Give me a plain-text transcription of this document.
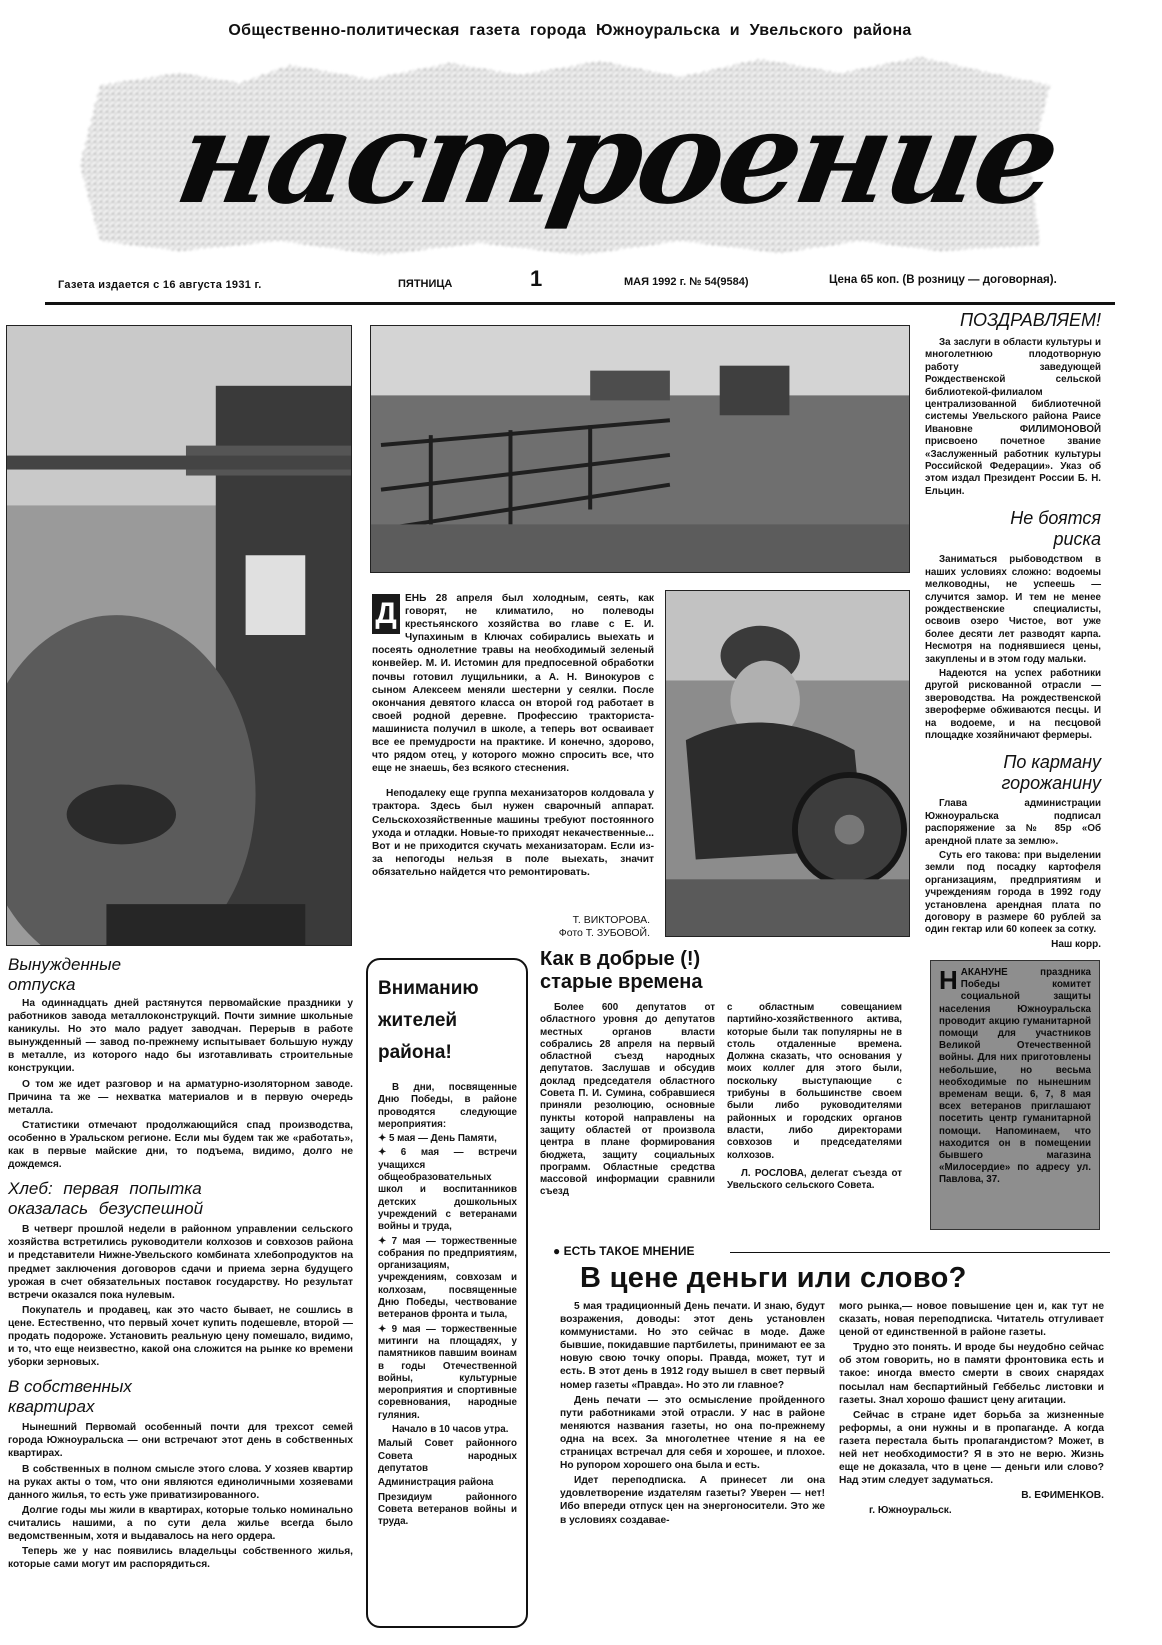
Общественно-политическая газета города Южноуральска и Увельского района
настроение
Газета издается с 16 августа 1931 г.	ПЯТНИЦА	1	МАЯ 1992 г. № 54(9584)	Цена 65 коп. (В розницу — договорная).
Д ЕНЬ 28 апреля был холодным, сеять, как говорят, не климатило, но полеводы крестьянского хозяйства во главе с Е. И. Чупахиным в Ключах собирались выехать и посеять однолетние травы на необходимый зеленый конвейер. М. И. Истомин для предпосевной обработки почвы готовил лущильники, а А. Н. Винокуров с сыном Алексеем меняли шестерни у сеялки. После окончания девятого класса он второй год работает в своей родной деревне. Профессию тракториста-машиниста получил в школе, а теперь вот осваивает все ее премудрости на практике. И конечно, здорово, что рядом отец, у которого можно спросить все, что еще не знаешь, без всякого стеснения.

Неподалеку еще группа механизаторов колдовала у трактора. Здесь был нужен сварочный аппарат. Сельскохозяйственные машины требуют постоянного ухода и отладки. Новые-то приходят некачественные... Вот и не приходится скучать механизаторам. Если из-за непогоды нельзя в поле выехать, значит обязательно найдется что ремонтировать.

Т. ВИКТОРОВА.
Фото Т. ЗУБОВОЙ.
ПОЗДРАВЛЯЕМ!

За заслуги в области культуры и многолетнюю плодотворную работу заведующей Рождественской сельской библиотекой-филиалом централизованной библиотечной системы Увельского района Раисе Ивановне ФИЛИМОНОВОЙ присвоено почетное звание «Заслуженный работник культуры Российской Федерации». Указ об этом издал Президент России Б. Н. Ельцин.

Не боятся
риска

Заниматься рыбоводством в наших условиях сложно: водоемы мелководны, не успеешь — случится замор. И тем не менее рождественские специалисты, освоив озеро Чистое, вот уже более десяти лет разводят карпа. Несмотря на поднявшиеся цены, закуплены и в этом году мальки.

Надеются на успех работники другой рискованной отрасли — звероводства. На рождественской звероферме обживаются песцы. И на водоеме, и на песцовой площадке хозяйничают фермеры.

По карману
горожанину

Глава администрации Южноуральска подписал распоряжение за № 85р «Об арендной плате за землю».

Суть его такова: при выделении земли под посадку картофеля организациям, предприятиям и учреждениям города в 1992 году установлена арендная плата по договору в размере 60 рублей за один гектар или 60 копеек за сотку.

Наш корр.
Вынужденные
отпуска

На одиннадцать дней растянутся первомайские праздники у работников завода металлоконструкций. Почти зимние школьные каникулы. Но это мало радует заводчан. Перерыв в работе вынужденный — завод по-прежнему испытывает большую нужду в металле, из которого надо бы изготавливать строительные конструкции.

О том же идет разговор и на арматурно-изоляторном заводе. Причина та же — нехватка материалов и в первую очередь металла.

Статистики отмечают продолжающийся спад производства, особенно в Уральском регионе. Если мы будем так же «работать», как в первые майские дни, то подъема, видимо, долго не дождемся.

Хлеб: первая попытка
оказалась безуспешной

В четверг прошлой недели в районном управлении сельского хозяйства встретились руководители колхозов и совхозов района и представители Нижне-Увельского комбината хлебопродуктов на предмет заключения договоров сдачи и приема зерна будущего урожая в счет обязательных поставок государству. Но результат встречи оказался пока нулевым.

Покупатель и продавец, как это часто бывает, не сошлись в цене. Естественно, что первый хочет купить подешевле, второй — продать подороже. Установить реальную цену помешало, видимо, и то, что еще неизвестно, какой она сложится на рынке ко времени уборки зерновых.

В собственных
квартирах

Нынешний Первомай особенный почти для трехсот семей города Южноуральска — они встречают этот день в собственных квартирах.

В собственных в полном смысле этого слова. У хозяев квартир на руках акты о том, что они являются единоличными хозяевами данного жилья, то есть уже приватизированного.

Долгие годы мы жили в квартирах, которые только номинально считались нашими, а по сути дела жилье всегда было ведомственным, хотя и выдавалось на него ордера.

Теперь же у нас появились владельцы собственного жилья, которые сами могут им распорядиться.

Вниманию
жителей
района!

В дни, посвященные Дню Победы, в районе проводятся следующие мероприятия:

✦ 5 мая — День Памяти,

✦ 6 мая — встречи учащихся общеобразовательных школ и воспитанников детских дошкольных учреждений с ветеранами войны и труда,

✦ 7 мая — торжественные собрания по предприятиям, организациям, учреждениям, совхозам и колхозам, посвященные Дню Победы, чествование ветеранов фронта и тыла,

✦ 9 мая — торжественные митинги на площадях, у памятников павшим воинам в годы Отечественной войны, культурные мероприятия и спортивные соревнования, народные гуляния.

Начало в 10 часов утра.

Малый Совет районного Совета народных депутатов

Администрация района

Президиум районного Совета ветеранов войны и труда.

Как в добрые (!)
старые времена

Более 600 депутатов от областного уровня до депутатов местных органов власти собрались 28 апреля на первый областной съезд народных депутатов. Заслушав и обсудив доклад председателя областного Совета П. И. Сумина, собравшиеся приняли резолюцию, основные пункты которой направлены на защиту областей от произвола центра в плане формирования бюджета, защиту социальных программ. Областные средства массовой информации сравнили съезд

с областным совещанием партийно-хозяйственного актива, которые были так популярны не в столь отдаленные времена. Должна сказать, что основания у моих коллег для этого были, поскольку выступающие с трибуны в большинстве своем были либо руководителями районных и городских органов власти, либо директорами совхозов и председателями колхозов.

Л. РОСЛОВА, делегат съезда от Увельского сельского Совета.

Н АКАНУНЕ праздника Победы комитет социальной защиты населения Южноуральска проводит акцию гуманитарной помощи для участников Великой Отечественной войны. Для них приготовлены небольшие, но весьма необходимые по нынешним временам вещи. 6, 7, 8 мая всех ветеранов приглашают посетить центр гуманитарной помощи. Напоминаем, что находится он в помещении бывшего магазина «Милосердие» по адресу ул. Павлова, 37.

● ЕСТЬ ТАКОЕ МНЕНИЕ
В цене деньги или слово?

5 мая традиционный День печати. И знаю, будут возражения, доводы: этот день установлен коммунистами. Но это сейчас в моде. Даже бывшие, покидавшие партбилеты, принимают ее за новую свою точку опоры. Правда, может, тут и есть. В этот день в 1912 году вышел в свет первый номер газеты «Правда». Но это ли главное?

День печати — это осмысление пройденного пути работниками этой отрасли. У нас в районе меняются названия газеты, но она по-прежнему одна на всех. За многолетнее чтение я на ее страницах встречал для себя и хорошее, и плохое. Но рупором хорошего она была и есть.

Идет переподписка. А принесет ли она удовлетворение издателям газеты? Уверен — нет! Ибо впереди отпуск цен на энергоносители. Это же в условиях создавае-

мого рынка,— новое повышение цен и, как тут не сказать, новая переподписка. Читатель отгуливает ценой от единственной в районе газеты.

Трудно это понять. И вроде бы неудобно сейчас об этом говорить, но в памяти фронтовика есть и такое: иногда вместо смерти в своих снарядах посылал нам беспартийный Геббельс листовки и газеты. Знал хорошо фашист цену агитации.

Сейчас в стране идет борьба за жизненные реформы, а они нужны и в пропаганде. А когда газета перестала быть пропагандистом? Может, в ней нет необходимости? Я в это не верю. Жизнь еще не доказала, что в цене — деньги или слово? Над этим следует задуматься.

В. ЕФИМЕНКОВ.

г. Южноуральск.
